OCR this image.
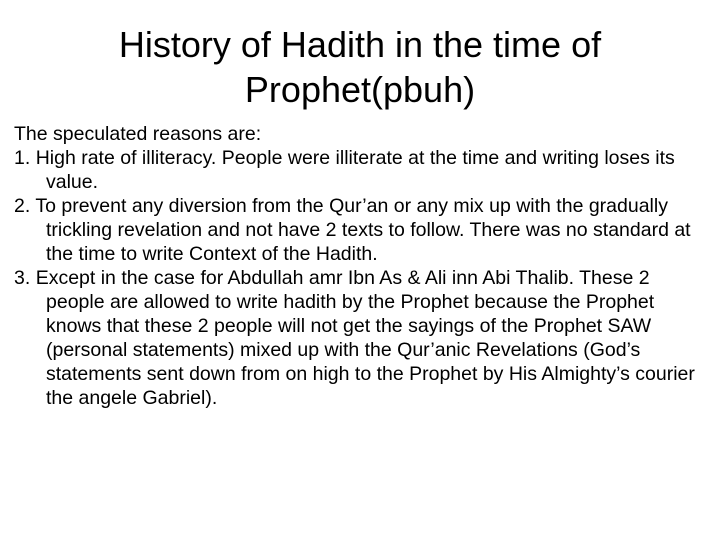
History of Hadith in the time of Prophet(pbuh)

The speculated reasons are:

1. High rate of illiteracy. People were illiterate at the time and writing loses its value.
2. To prevent any diversion from the Qur’an or any mix up with the gradually trickling revelation and not have 2 texts to follow. There was no standard at the time to write Context of the Hadith.
3. Except in the case for Abdullah amr Ibn As & Ali inn Abi Thalib. These 2 people are allowed to write hadith by the Prophet because the Prophet knows that these 2 people will not get the sayings of the Prophet SAW (personal statements) mixed up with the Qur’anic Revelations (God’s statements sent down from on high to the Prophet by His Almighty’s courier the angele Gabriel).
